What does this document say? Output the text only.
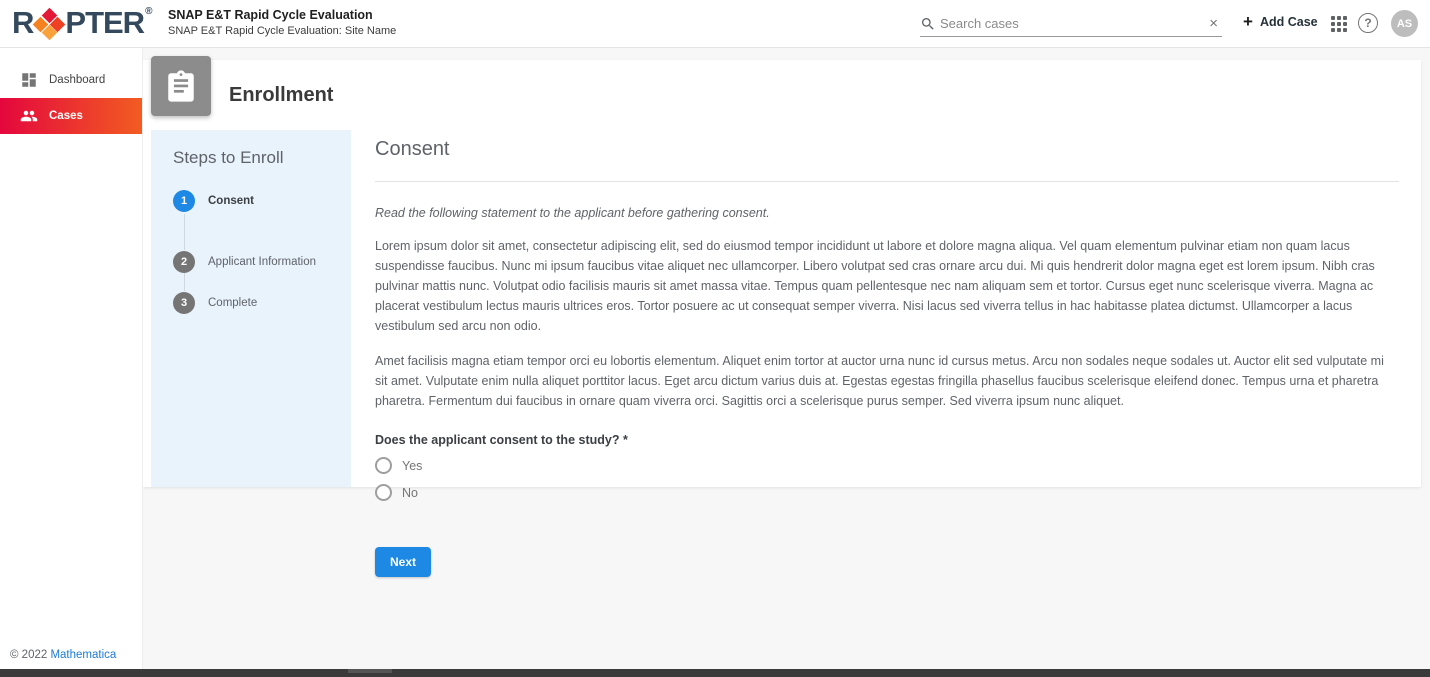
R PTER® SNAP E&T Rapid Cycle Evaluation
SNAP E&T Rapid Cycle Evaluation: Site Name
Search cases	× + Add Case	?	AS
Dashboard
Cases
Enrollment
Steps to Enroll
1	Consent
2	Applicant Information
3	Complete
Consent

Read the following statement to the applicant before gathering consent.

Lorem ipsum dolor sit amet, consectetur adipiscing elit, sed do eiusmod tempor incididunt ut labore et dolore magna aliqua. Vel quam elementum pulvinar etiam non quam lacus suspendisse faucibus. Nunc mi ipsum faucibus vitae aliquet nec ullamcorper. Libero volutpat sed cras ornare arcu dui. Mi quis hendrerit dolor magna eget est lorem ipsum. Nibh cras pulvinar mattis nunc. Volutpat odio facilisis mauris sit amet massa vitae. Tempus quam pellentesque nec nam aliquam sem et tortor. Cursus eget nunc scelerisque viverra. Magna ac placerat vestibulum lectus mauris ultrices eros. Tortor posuere ac ut consequat semper viverra. Nisi lacus sed viverra tellus in hac habitasse platea dictumst. Ullamcorper a lacus vestibulum sed arcu non odio.

Amet facilisis magna etiam tempor orci eu lobortis elementum. Aliquet enim tortor at auctor urna nunc id cursus metus. Arcu non sodales neque sodales ut. Auctor elit sed vulputate mi sit amet. Vulputate enim nulla aliquet porttitor lacus. Eget arcu dictum varius duis at. Egestas egestas fringilla phasellus faucibus scelerisque eleifend donec. Tempus urna et pharetra pharetra. Fermentum dui faucibus in ornare quam viverra orci. Sagittis orci a scelerisque purus semper. Sed viverra ipsum nunc aliquet.

Does the applicant consent to the study? *
Yes
No
Next
© 2022 Mathematica
